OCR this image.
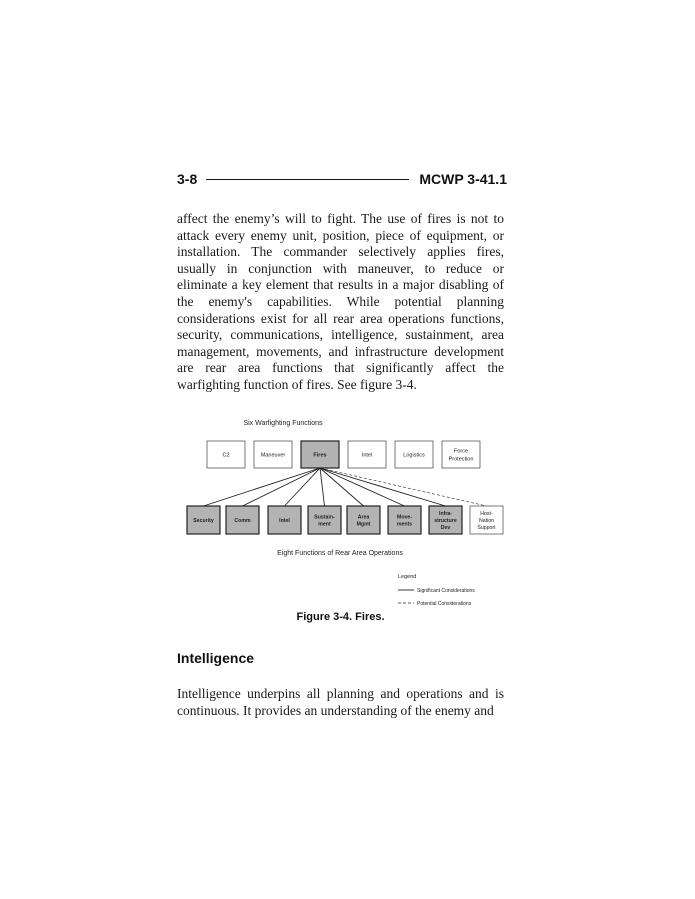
3-8	MCWP 3-41.1

affect the enemy’s will to fight. The use of fires is not to attack every enemy unit, position, piece of equipment, or installation. The commander selectively applies fires, usually in conjunction with maneuver, to reduce or eliminate a key element that results in a major disabling of the enemy's capabilities. While potential planning considerations exist for all rear area operations functions, security, communications, intelligence, sustainment, area management, movements, and infrastructure development are rear area functions that significantly affect the warfighting function of fires. See figure 3-4.

Six Warfighting Functions
C2	Maneuver	Fires	Intel	Logistics
Force
Protection
Security	Comm	Intel
Sustain-
ment
Area
Mgmt
Move-
ments
Infra-
structure
Dev
Host-
Nation
Support
Eight Functions of Rear Area Operations
Legend
Significant Considerations
Potential Considerations

Figure 3-4. Fires.

Intelligence

Intelligence underpins all planning and operations and is continuous. It provides an understanding of the enemy and
